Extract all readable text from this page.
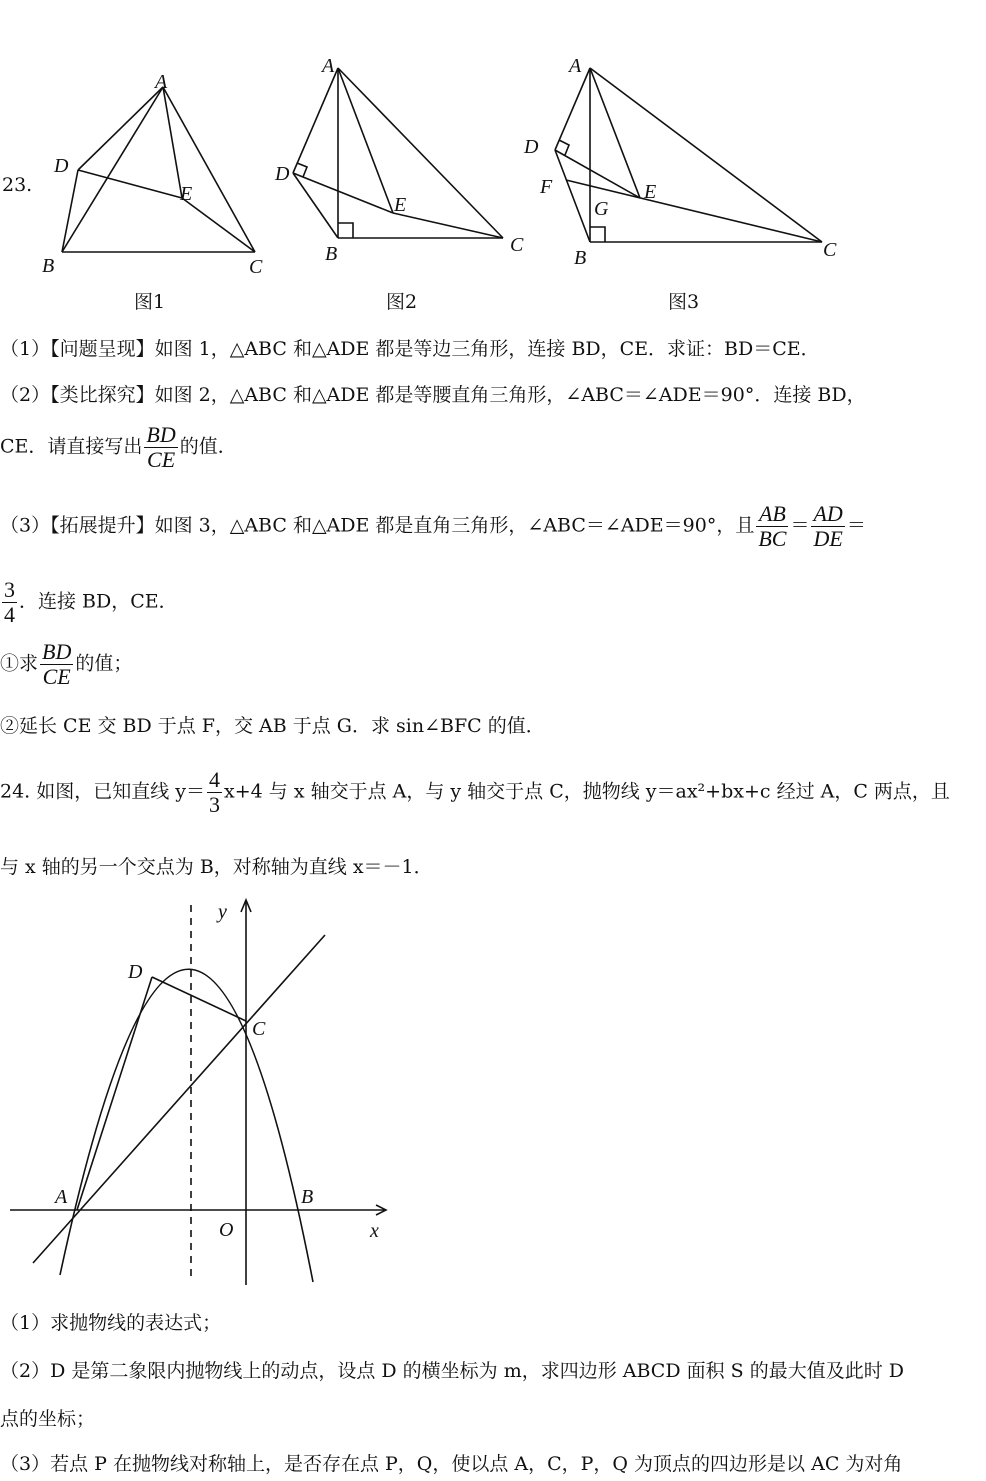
23.
A
B	C
D
E
图1
A
B	C
D
E
图2
A
B	C
D
E
F
G
图3
（1）【问题呈现】如图 1，△ABC 和△ADE 都是等边三角形，连接 BD，CE．求证：BD＝CE．
（2）【类比探究】如图 2，△ABC 和△ADE 都是等腰直角三角形，∠ABC＝∠ADE＝90°．连接 BD，
CE．请直接写出 $\frac{BD}{CE}$ 的值．
（3）【拓展提升】如图 3，△ABC 和△ADE 都是直角三角形，∠ABC＝∠ADE＝90°，且 $\frac{AB}{BC} = \frac{AD}{DE}$ ＝
$\frac{3}{4}$ ．连接 BD，CE．
①求 $\frac{BD}{CE}$ 的值；
②延长 CE 交 BD 于点 F，交 AB 于点 G．求 sin∠BFC 的值．
24. 如图，已知直线 $y= \frac{4}{3} x+4$ 与 x 轴交于点 A，与 y 轴交于点 C，抛物线 y＝ax²+bx+c 经过 A，C 两点，且
与 x 轴的另一个交点为 B，对称轴为直线 x＝－1．
y
x
O
A	B
C
D
（1）求抛物线的表达式；
（2）D 是第二象限内抛物线上的动点，设点 D 的横坐标为 m，求四边形 ABCD 面积 S 的最大值及此时 D
点的坐标；
（3）若点 P 在抛物线对称轴上，是否存在点 P，Q，使以点 A，C，P，Q 为顶点的四边形是以 AC 为对角
